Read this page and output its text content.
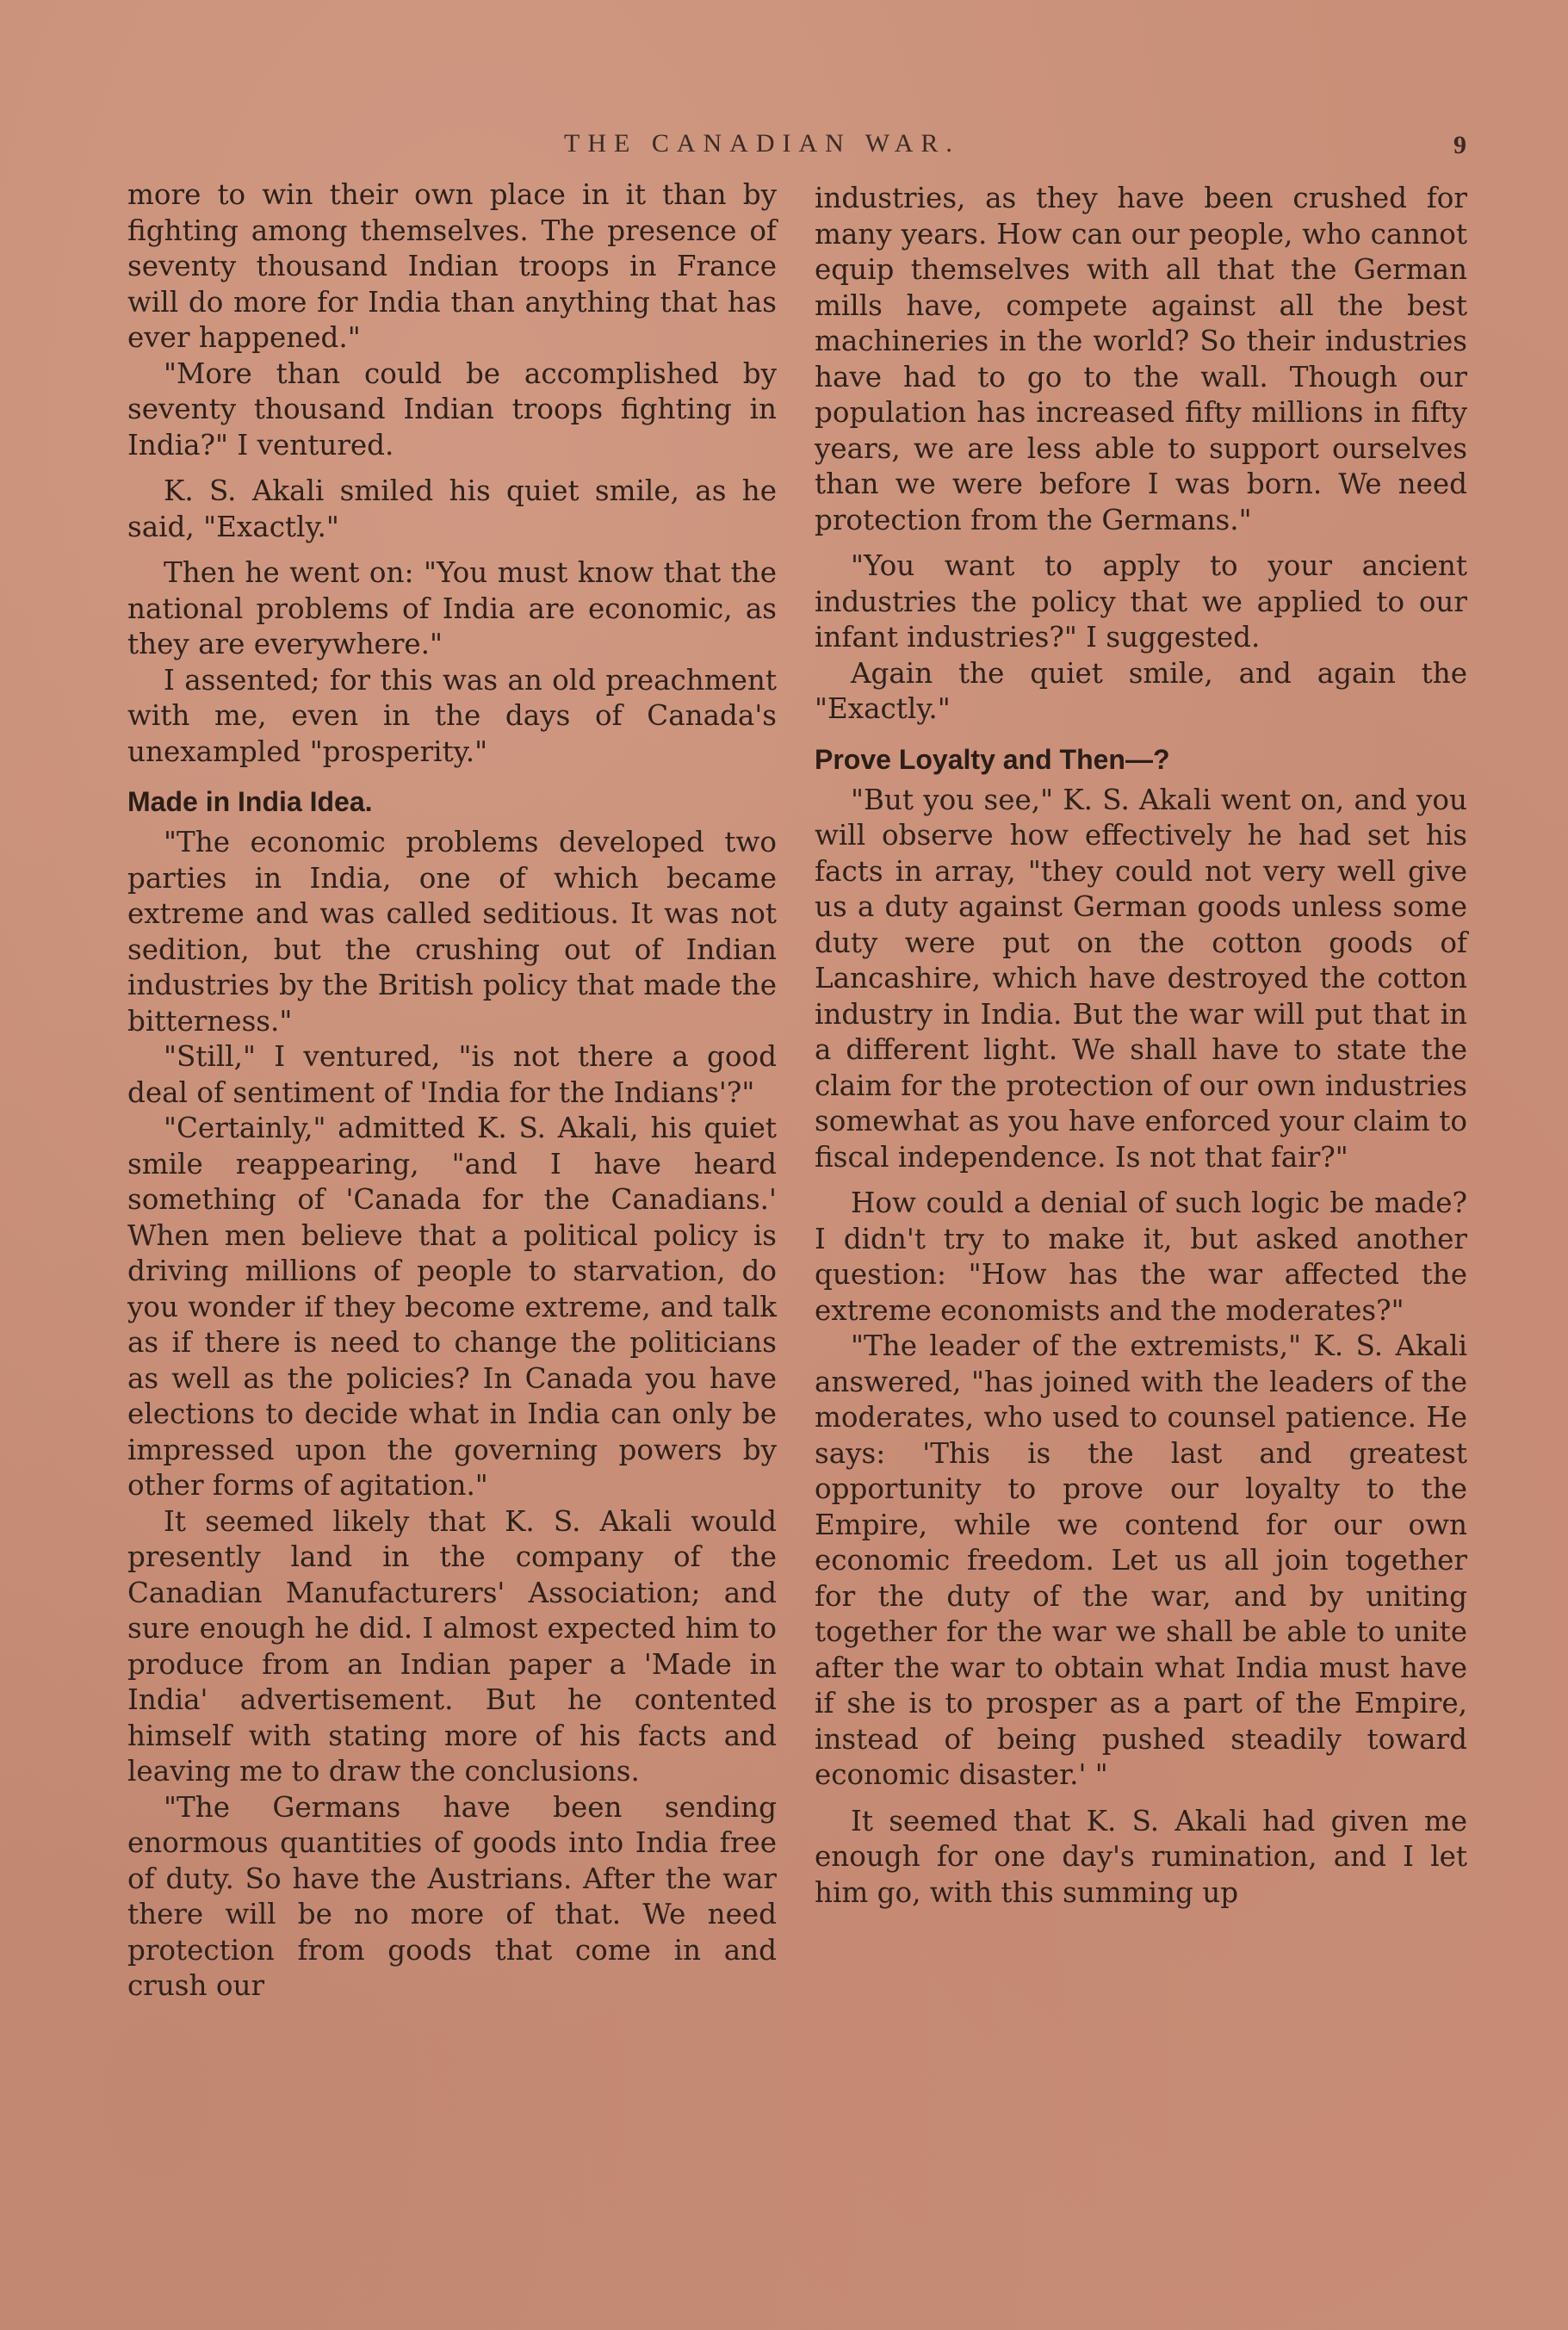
THE CANADIAN WAR.	9

more to win their own place in it than by fighting among themselves. The presence of seventy thousand Indian troops in France will do more for India than anything that has ever happened."

"More than could be accomplished by seventy thousand Indian troops fighting in India?" I ventured.

K. S. Akali smiled his quiet smile, as he said, "Exactly."

Then he went on: "You must know that the national problems of India are economic, as they are everywhere."

I assented; for this was an old preachment with me, even in the days of Canada's unexampled "prosperity."

Made in India Idea.

"The economic problems developed two parties in India, one of which became extreme and was called seditious. It was not sedition, but the crushing out of Indian industries by the British policy that made the bitterness."

"Still," I ventured, "is not there a good deal of sentiment of 'India for the Indians'?"

"Certainly," admitted K. S. Akali, his quiet smile reappearing, "and I have heard something of 'Canada for the Canadians.' When men believe that a political policy is driving millions of people to starvation, do you wonder if they become extreme, and talk as if there is need to change the politicians as well as the policies? In Canada you have elections to decide what in India can only be impressed upon the governing powers by other forms of agitation."

It seemed likely that K. S. Akali would presently land in the company of the Canadian Manufacturers' Association; and sure enough he did. I almost expected him to produce from an Indian paper a 'Made in India' advertisement. But he contented himself with stating more of his facts and leaving me to draw the conclusions.

"The Germans have been sending enormous quantities of goods into India free of duty. So have the Austrians. After the war there will be no more of that. We need protection from goods that come in and crush our

industries, as they have been crushed for many years. How can our people, who cannot equip themselves with all that the German mills have, compete against all the best machineries in the world? So their industries have had to go to the wall. Though our population has increased fifty millions in fifty years, we are less able to support ourselves than we were before I was born. We need protection from the Germans."

"You want to apply to your ancient industries the policy that we applied to our infant industries?" I suggested.

Again the quiet smile, and again the "Exactly."

Prove Loyalty and Then—?

"But you see," K. S. Akali went on, and you will observe how effectively he had set his facts in array, "they could not very well give us a duty against German goods unless some duty were put on the cotton goods of Lancashire, which have destroyed the cotton industry in India. But the war will put that in a different light. We shall have to state the claim for the protection of our own industries somewhat as you have enforced your claim to fiscal independence. Is not that fair?"

How could a denial of such logic be made? I didn't try to make it, but asked another question: "How has the war affected the extreme economists and the moderates?"

"The leader of the extremists," K. S. Akali answered, "has joined with the leaders of the moderates, who used to counsel patience. He says: 'This is the last and greatest opportunity to prove our loyalty to the Empire, while we contend for our own economic freedom. Let us all join together for the duty of the war, and by uniting together for the war we shall be able to unite after the war to obtain what India must have if she is to prosper as a part of the Empire, instead of being pushed steadily toward economic disaster.' "

It seemed that K. S. Akali had given me enough for one day's rumination, and I let him go, with this summing up
